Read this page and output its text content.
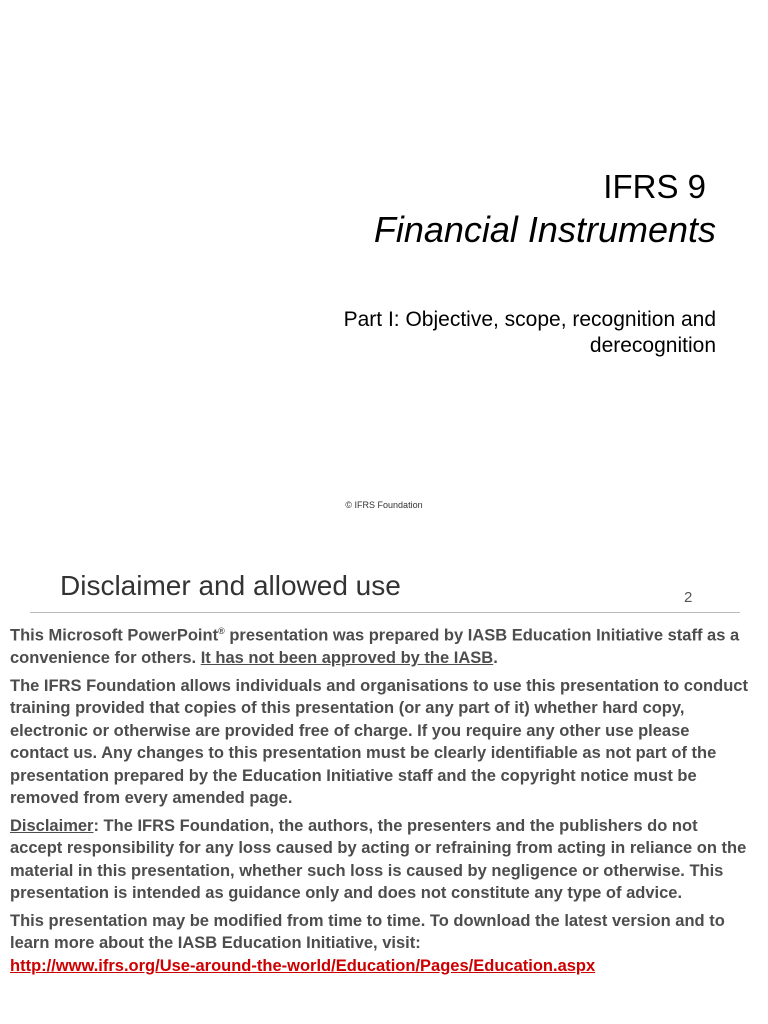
IFRS 9
Financial Instruments
Part I: Objective, scope, recognition and
derecognition
© IFRS Foundation
Disclaimer and allowed use	2

This Microsoft PowerPoint® presentation was prepared by IASB Education Initiative staff as a convenience for others. It has not been approved by the IASB.

The IFRS Foundation allows individuals and organisations to use this presentation to conduct training provided that copies of this presentation (or any part of it) whether hard copy, electronic or otherwise are provided free of charge. If you require any other use please contact us. Any changes to this presentation must be clearly identifiable as not part of the presentation prepared by the Education Initiative staff and the copyright notice must be removed from every amended page.

Disclaimer: The IFRS Foundation, the authors, the presenters and the publishers do not accept responsibility for any loss caused by acting or refraining from acting in reliance on the material in this presentation, whether such loss is caused by negligence or otherwise. This presentation is intended as guidance only and does not constitute any type of advice.

This presentation may be modified from time to time. To download the latest version and to learn more about the IASB Education Initiative, visit:
http://www.ifrs.org/Use-around-the-world/Education/Pages/Education.aspx
